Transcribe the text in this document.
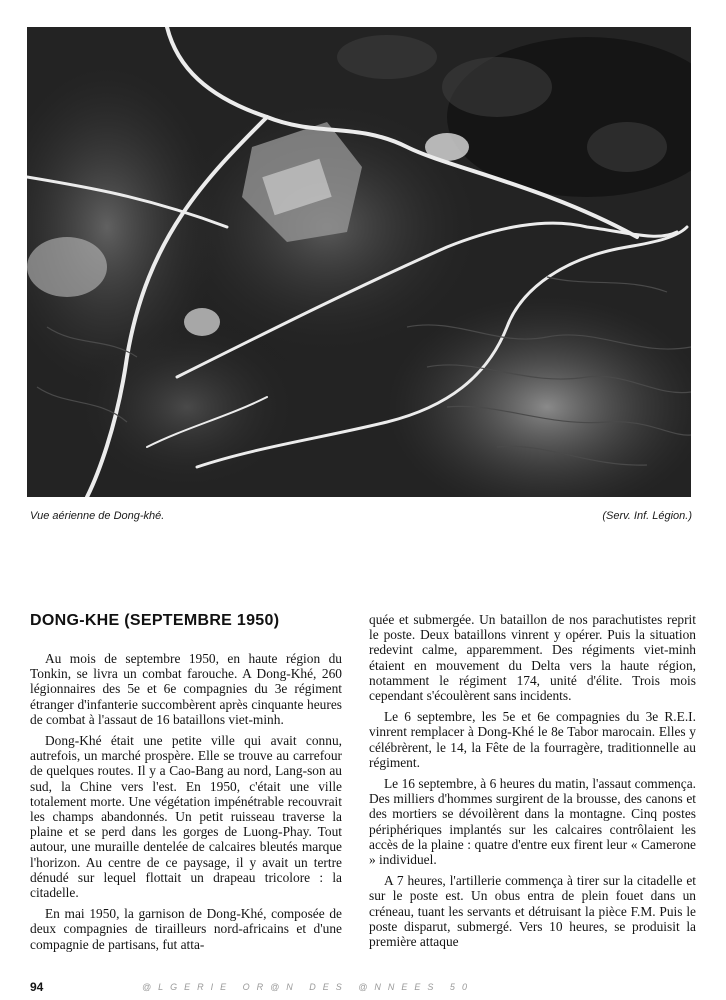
Vue aérienne de Dong-khé.	(Serv. Inf. Légion.)
DONG-KHE (SEPTEMBRE 1950)

Au mois de septembre 1950, en haute région du Tonkin, se livra un combat farouche. A Dong-Khé, 260 légionnaires des 5e et 6e compagnies du 3e régiment étranger d'infanterie succombèrent après cinquante heures de combat à l'assaut de 16 bataillons viet-minh.

Dong-Khé était une petite ville qui avait connu, autrefois, un marché prospère. Elle se trouve au carrefour de quelques routes. Il y a Cao-Bang au nord, Lang-son au sud, la Chine vers l'est. En 1950, c'était une ville totalement morte. Une végétation impénétrable recouvrait les champs abandonnés. Un petit ruisseau traverse la plaine et se perd dans les gorges de Luong-Phay. Tout autour, une muraille dentelée de calcaires bleutés marque l'horizon. Au centre de ce paysage, il y avait un tertre dénudé sur lequel flottait un drapeau tricolore : la citadelle.

En mai 1950, la garnison de Dong-Khé, composée de deux compagnies de tirailleurs nord-africains et d'une compagnie de partisans, fut atta-

quée et submergée. Un bataillon de nos parachutistes reprit le poste. Deux bataillons vinrent y opérer. Puis la situation redevint calme, apparemment. Des régiments viet-minh étaient en mouvement du Delta vers la haute région, notamment le régiment 174, unité d'élite. Trois mois cependant s'écoulèrent sans incidents.

Le 6 septembre, les 5e et 6e compagnies du 3e R.E.I. vinrent remplacer à Dong-Khé le 8e Tabor marocain. Elles y célébrèrent, le 14, la Fête de la fourragère, traditionnelle au régiment.

Le 16 septembre, à 6 heures du matin, l'assaut commença. Des milliers d'hommes surgirent de la brousse, des canons et des mortiers se dévoilèrent dans la montagne. Cinq postes périphériques implantés sur les calcaires contrôlaient les accès de la plaine : quatre d'entre eux firent leur « Camerone » individuel.

A 7 heures, l'artillerie commença à tirer sur la citadelle et sur le poste est. Un obus entra de plein fouet dans un créneau, tuant les servants et détruisant la pièce F.M. Puis le poste disparut, submergé. Vers 10 heures, se produisit la première attaque

94	@LGERIE OR@N DES @NNEES 50
